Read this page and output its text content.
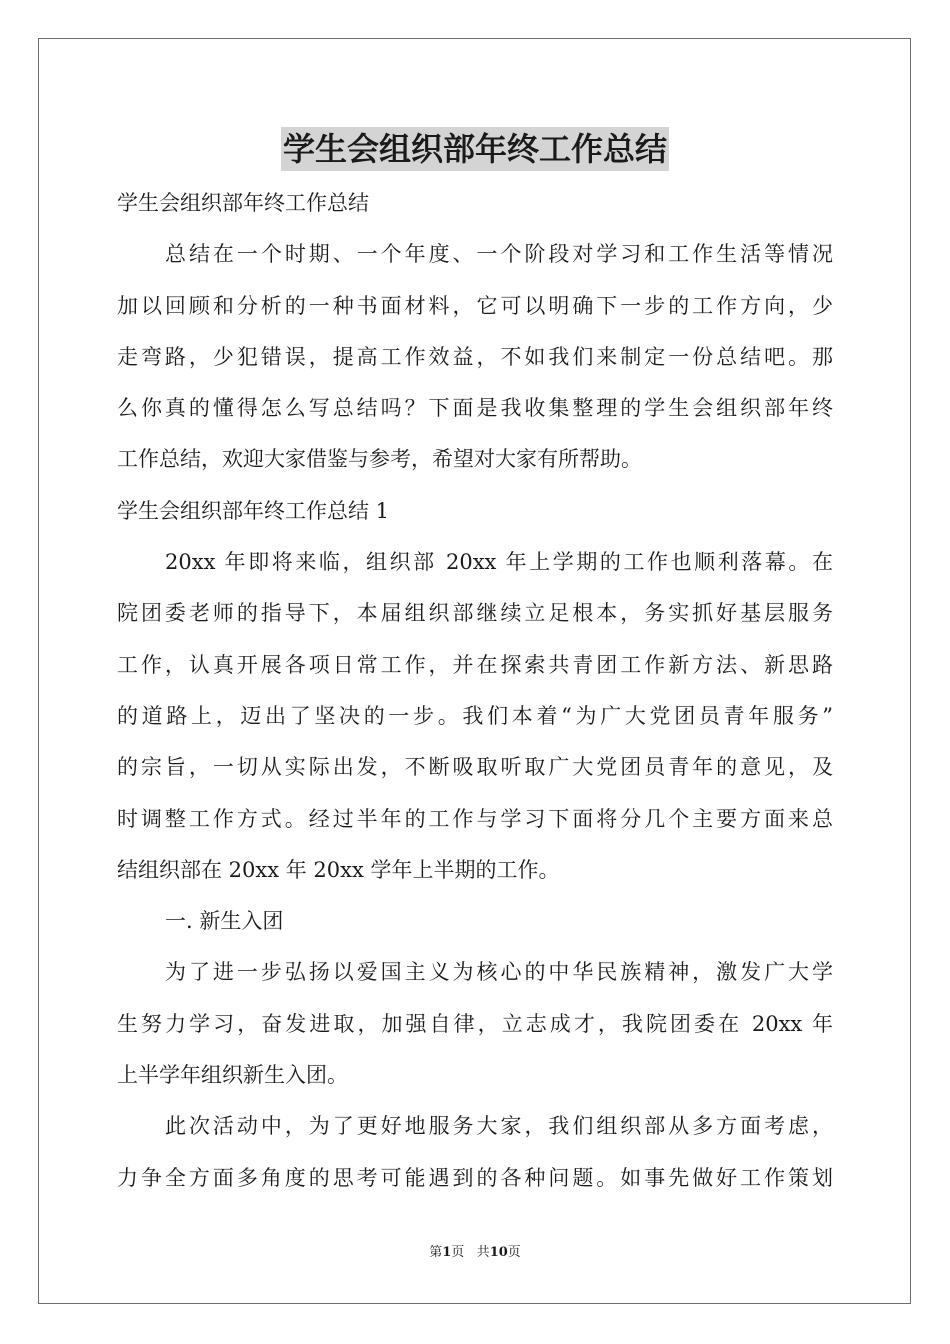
学生会组织部年终工作总结
学生会组织部年终工作总结
总结在一个时期、一个年度、一个阶段对学习和工作生活等情况
加以回顾和分析的一种书面材料，它可以明确下一步的工作方向，少
走弯路，少犯错误，提高工作效益，不如我们来制定一份总结吧。那
么你真的懂得怎么写总结吗？下面是我收集整理的学生会组织部年终
工作总结，欢迎大家借鉴与参考，希望对大家有所帮助。
学生会组织部年终工作总结 1
20xx 年即将来临，组织部 20xx 年上学期的工作也顺利落幕。在
院团委老师的指导下，本届组织部继续立足根本，务实抓好基层服务
工作，认真开展各项日常工作，并在探索共青团工作新方法、新思路
的道路上，迈出了坚决的一步。我们本着“为广大党团员青年服务”
的宗旨，一切从实际出发，不断吸取听取广大党团员青年的意见，及
时调整工作方式。经过半年的工作与学习下面将分几个主要方面来总
结组织部在 20xx 年 20xx 学年上半期的工作。
一. 新生入团
为了进一步弘扬以爱国主义为核心的中华民族精神，激发广大学
生努力学习，奋发进取，加强自律，立志成才，我院团委在 20xx 年
上半学年组织新生入团。
此次活动中，为了更好地服务大家，我们组织部从多方面考虑，
力争全方面多角度的思考可能遇到的各种问题。如事先做好工作策划
第1页 共10页
